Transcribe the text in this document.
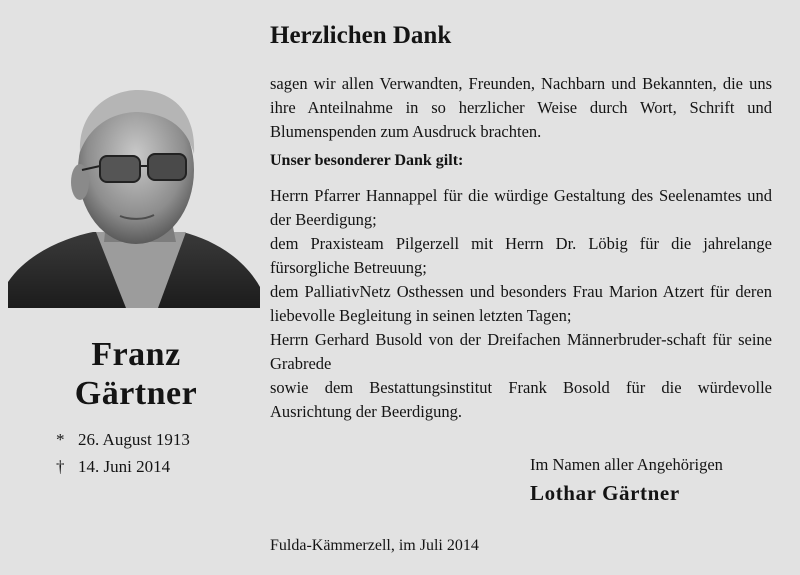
Franz
Gärtner
* 26. August 1913
† 14. Juni 2014
Herzlichen Dank
sagen wir allen Verwandten, Freunden, Nachbarn und Bekannten, die uns ihre Anteilnahme in so herzlicher Weise durch Wort, Schrift und Blumenspenden zum Ausdruck brachten.
Unser besonderer Dank gilt:
Herrn Pfarrer Hannappel für die würdige Gestaltung des Seelenamtes und der Beerdigung;
dem Praxisteam Pilgerzell mit Herrn Dr. Löbig für die jahrelange fürsorgliche Betreuung;
dem PalliativNetz Osthessen und besonders Frau Marion Atzert für deren liebevolle Begleitung in seinen letzten Tagen;
Herrn Gerhard Busold von der Dreifachen Männerbruder-schaft für seine Grabrede
sowie dem Bestattungsinstitut Frank Bosold für die würdevolle Ausrichtung der Beerdigung.
Im Namen aller Angehörigen
Lothar Gärtner
Fulda-Kämmerzell, im Juli 2014
